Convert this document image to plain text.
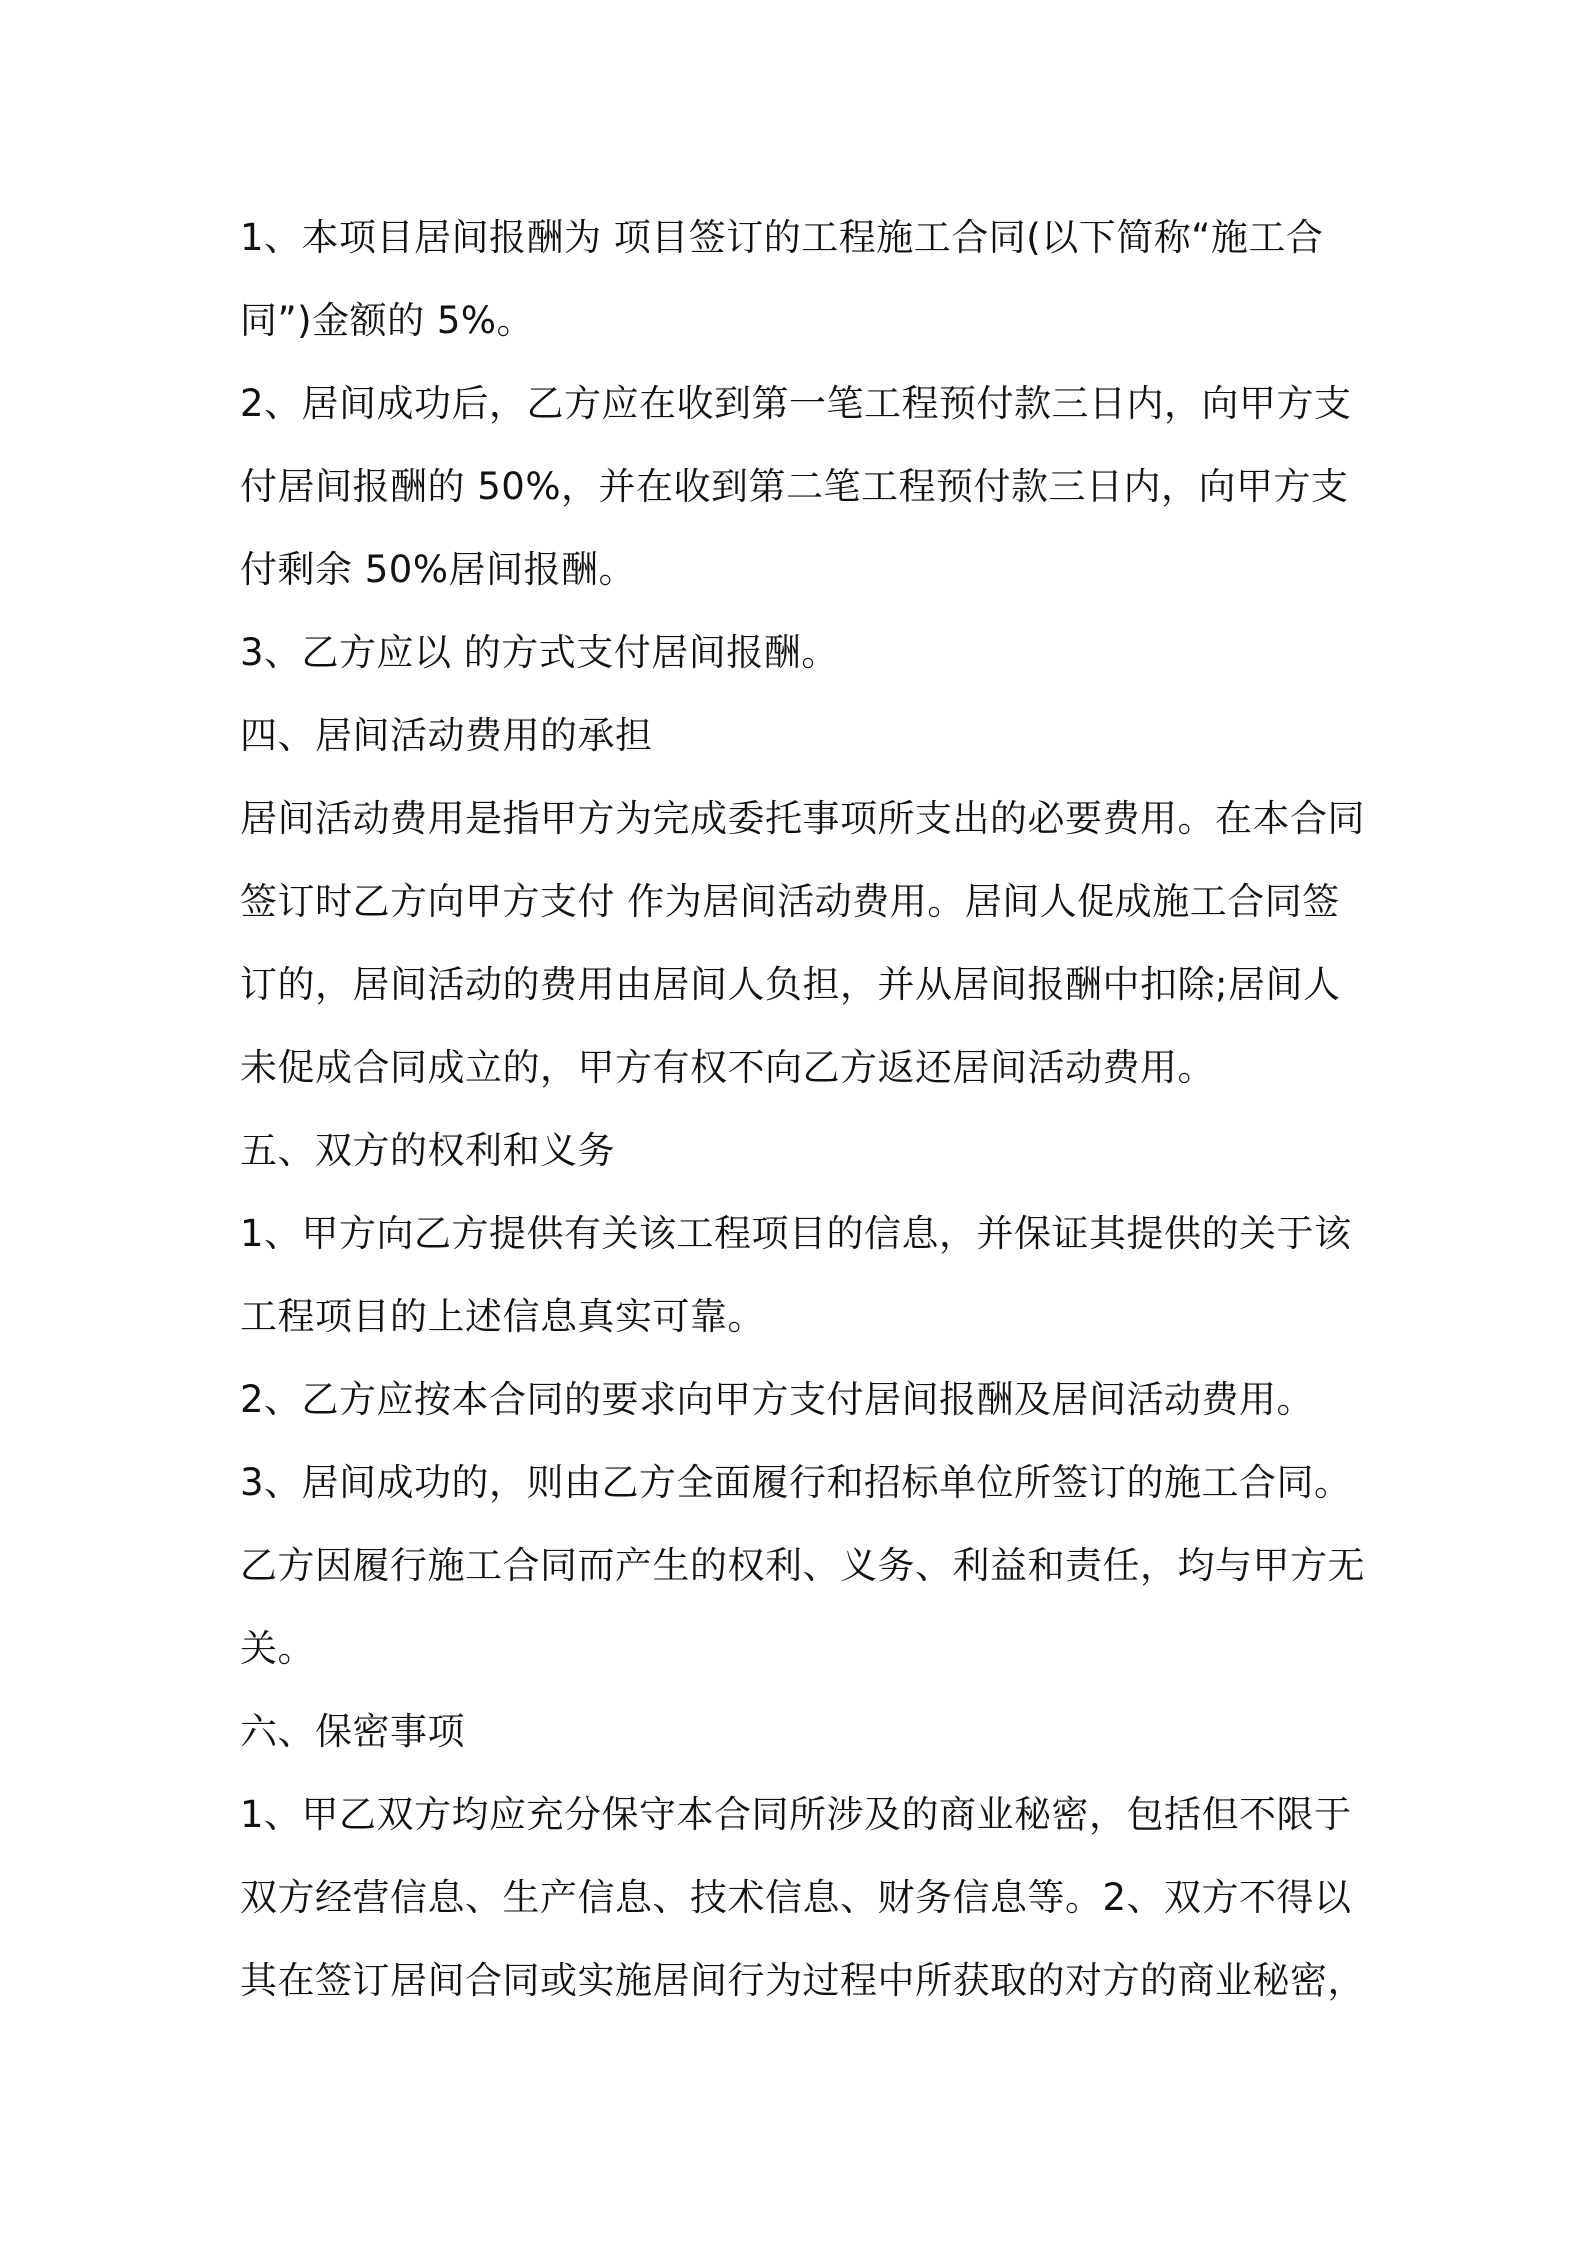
1、本项目居间报酬为 项目签订的工程施工合同(以下简称“施工合
同”)金额的 5%。
2、居间成功后，乙方应在收到第一笔工程预付款三日内，向甲方支
付居间报酬的 50%，并在收到第二笔工程预付款三日内，向甲方支
付剩余 50%居间报酬。
3、乙方应以 的方式支付居间报酬。
四、居间活动费用的承担
居间活动费用是指甲方为完成委托事项所支出的必要费用。在本合同
签订时乙方向甲方支付 作为居间活动费用。居间人促成施工合同签
订的，居间活动的费用由居间人负担，并从居间报酬中扣除;居间人
未促成合同成立的，甲方有权不向乙方返还居间活动费用。
五、双方的权利和义务
1、甲方向乙方提供有关该工程项目的信息，并保证其提供的关于该
工程项目的上述信息真实可靠。
2、乙方应按本合同的要求向甲方支付居间报酬及居间活动费用。
3、居间成功的，则由乙方全面履行和招标单位所签订的施工合同。
乙方因履行施工合同而产生的权利、义务、利益和责任，均与甲方无
关。
六、保密事项
1、甲乙双方均应充分保守本合同所涉及的商业秘密，包括但不限于
双方经营信息、生产信息、技术信息、财务信息等。2、双方不得以
其在签订居间合同或实施居间行为过程中所获取的对方的商业秘密，
